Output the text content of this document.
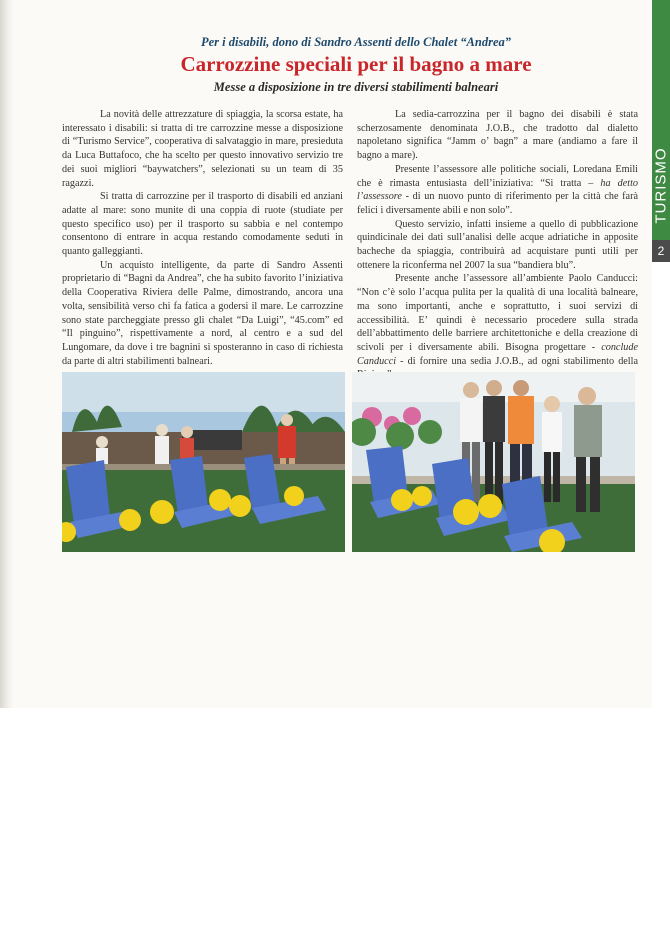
Per i disabili, dono di Sandro Assenti dello Chalet “Andrea”
Carrozzine speciali per il bagno a mare
Messe a disposizione in tre diversi stabilimenti balneari

La novità delle attrezzature di spiaggia, la scorsa estate, ha interessato i disabili: si tratta di tre carrozzine messe a disposizione di “Turismo Service”, cooperativa di salvataggio in mare, presieduta da Luca Buttafoco, che ha scelto per questo innovativo servizio tre dei suoi migliori “baywatchers”, selezionati su un team di 35 ragazzi.

Si tratta di carrozzine per il trasporto di disabili ed anziani adatte al mare: sono munite di una coppia di ruote (studiate per questo specifico uso) per il trasporto su sabbia e nel contempo consentono di entrare in acqua restando comodamente seduti in quanto galleggianti.

Un acquisto intelligente, da parte di Sandro Assenti proprietario di “Bagni da Andrea”, che ha subito favorito l’iniziativa della Cooperativa Riviera delle Palme, dimostrando, ancora una volta, sensibilità verso chi fa fatica a godersi il mare. Le carrozzine sono state parcheggiate presso gli chalet “Da Luigi”, “45.com” ed “Il pinguino”, rispettivamente a nord, al centro e a sud del Lungomare, da dove i tre bagnini si sposteranno in caso di richiesta da parte di altri stabilimenti balneari.

La sedia-carrozzina per il bagno dei disabili è stata scherzosamente denominata J.O.B., che tradotto dal dialetto napoletano significa “Jamm o’ bagn” a mare (andiamo a fare il bagno a mare).

Presente l’assessore alle politiche sociali, Loredana Emili che è rimasta entusiasta dell’iniziativa: “Si tratta – ha detto l’assessore - di un nuovo punto di riferimento per la città che farà felici i diversamente abili e non solo”.

Questo servizio, infatti insieme a quello di pubblicazione quindicinale dei dati sull’analisi delle acque adriatiche in apposite bacheche da spiaggia, contribuirà ad acquistare punti utili per ottenere la riconferma nel 2007 la sua “bandiera blu”.

Presente anche l’assessore all’ambiente Paolo Canducci: “Non c’è solo l’acqua pulita per la qualità di una località balneare, ma sono importanti, anche e soprattutto, i suoi servizi di accessibilità. E’ quindi è necessario procedere sulla strada dell’abbattimento delle barriere architettoniche e della creazione di scivoli per i diversamente abili. Bisogna progettare - conclude Canducci - di fornire una sedia J.O.B., ad ogni stabilimento della

TURISMO
2
